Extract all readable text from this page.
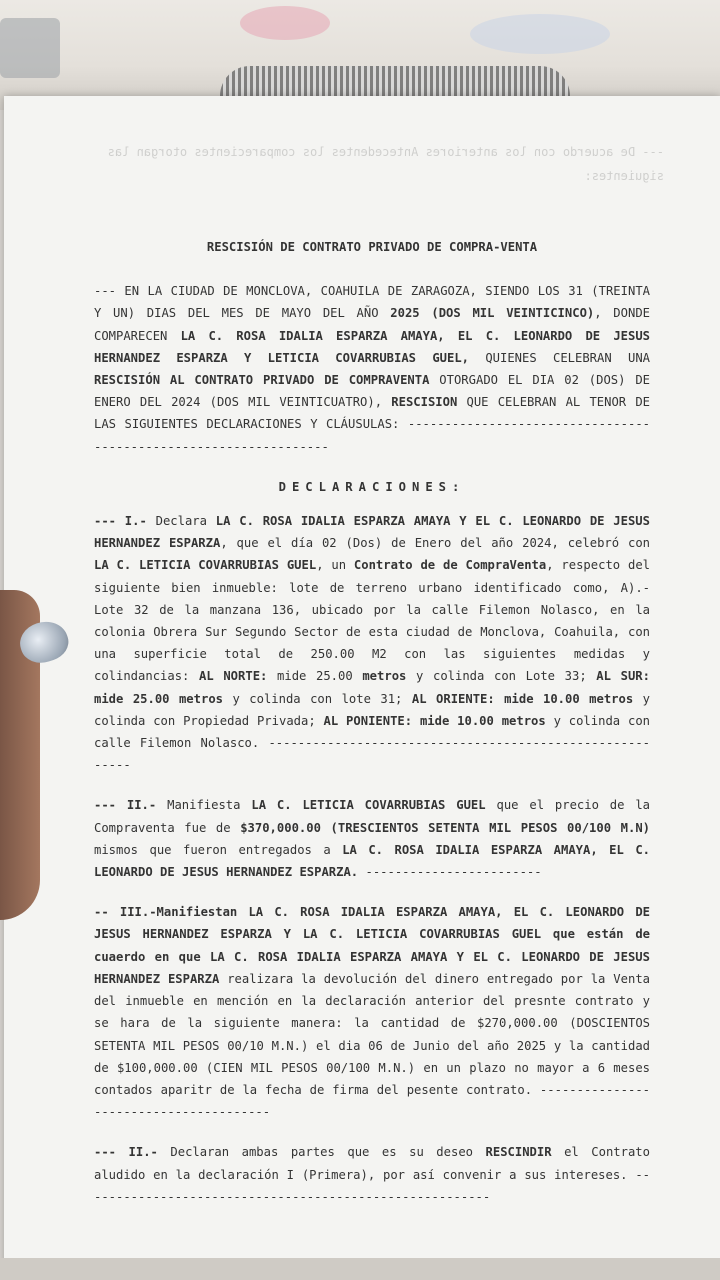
--- De acuerdo con los anteriores Antecedentes los comparecientes otorgan las siguientes:
RESCISIÓN DE CONTRATO PRIVADO DE COMPRA-VENTA
--- EN LA CIUDAD DE MONCLOVA, COAHUILA DE ZARAGOZA, SIENDO LOS 31 (TREINTA Y UN) DIAS DEL MES DE MAYO DEL AÑO 2025 (DOS MIL VEINTICINCO), DONDE COMPARECEN LA C. ROSA IDALIA ESPARZA AMAYA, EL C. LEONARDO DE JESUS HERNANDEZ ESPARZA Y LETICIA COVARRUBIAS GUEL, QUIENES CELEBRAN UNA RESCISIÓN AL CONTRATO PRIVADO DE COMPRAVENTA OTORGADO EL DIA 02 (DOS) DE ENERO DEL 2024 (DOS MIL VEINTICUATRO), RESCISION QUE CELEBRAN AL TENOR DE LAS SIGUIENTES DECLARACIONES Y CLÁUSULAS: -----------------------------------------------------------------
DECLARACIONES:
--- I.- Declara LA C. ROSA IDALIA ESPARZA AMAYA Y EL C. LEONARDO DE JESUS HERNANDEZ ESPARZA, que el día 02 (Dos) de Enero del año 2024, celebró con LA C. LETICIA COVARRUBIAS GUEL, un Contrato de de CompraVenta, respecto del siguiente bien inmueble: lote de terreno urbano identificado como, A).- Lote 32 de la manzana 136, ubicado por la calle Filemon Nolasco, en la colonia Obrera Sur Segundo Sector de esta ciudad de Monclova, Coahuila, con una superficie total de 250.00 M2 con las siguientes medidas y colindancias: AL NORTE: mide 25.00 metros y colinda con Lote 33; AL SUR: mide 25.00 metros y colinda con lote 31; AL ORIENTE: mide 10.00 metros y colinda con Propiedad Privada; AL PONIENTE: mide 10.00 metros y colinda con calle Filemon Nolasco. ---------------------------------------------------------
--- II.- Manifiesta LA C. LETICIA COVARRUBIAS GUEL que el precio de la Compraventa fue de $370,000.00 (TRESCIENTOS SETENTA MIL PESOS 00/100 M.N) mismos que fueron entregados a LA C. ROSA IDALIA ESPARZA AMAYA, EL C. LEONARDO DE JESUS HERNANDEZ ESPARZA. ------------------------
-- III.-Manifiestan LA C. ROSA IDALIA ESPARZA AMAYA, EL C. LEONARDO DE JESUS HERNANDEZ ESPARZA Y LA C. LETICIA COVARRUBIAS GUEL que están de cuaerdo en que LA C. ROSA IDALIA ESPARZA AMAYA Y EL C. LEONARDO DE JESUS HERNANDEZ ESPARZA realizara la devolución del dinero entregado por la Venta del inmueble en mención en la declaración anterior del presnte contrato y se hara de la siguiente manera: la cantidad de $270,000.00 (DOSCIENTOS SETENTA MIL PESOS 00/10 M.N.) el dia 06 de Junio del año 2025 y la cantidad de $100,000.00 (CIEN MIL PESOS 00/100 M.N.) en un plazo no mayor a 6 meses contados aparitr de la fecha de firma del pesente contrato. ---------------------------------------
--- II.- Declaran ambas partes que es su deseo RESCINDIR el Contrato aludido en la declaración I (Primera), por así convenir a sus intereses. --------------------------------------------------------
